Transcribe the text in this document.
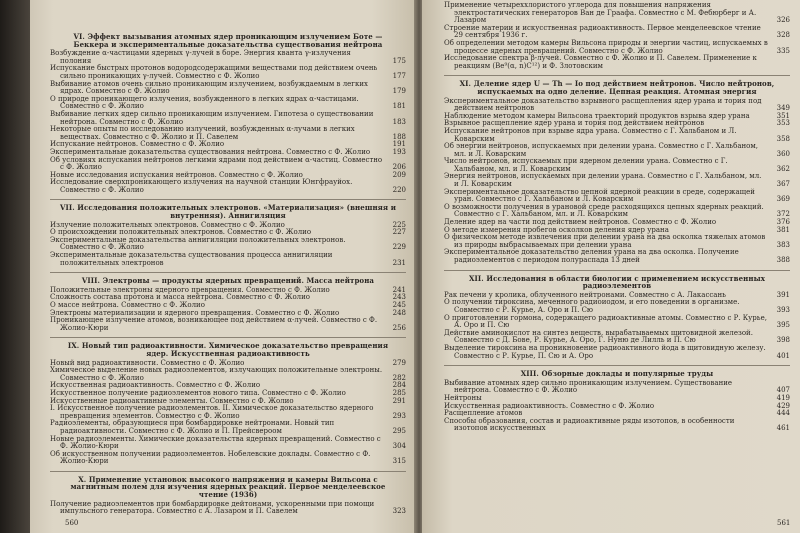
VI. Эффект вызывания атомных ядер проникающим излучением Боте — Беккера и экспериментальные доказательства существования нейтрона
Возбуждение α-частицами ядерных γ-лучей в боре. Энергия кванта γ-излучения полония	175
Испускание быстрых протонов водородсодержащими веществами под действием очень сильно проникающих γ-лучей. Совместно с Ф. Жолио	177
Выбивание атомов очень сильно проникающим излучением, возбуждаемым в легких ядрах. Совместно с Ф. Жолио	179
О природе проникающего излучения, возбужденного в легких ядрах α-частицами. Совместно с Ф. Жолио	181
Выбивание легких ядер сильно проникающим излучением. Гипотеза о существовании нейтрона. Совместно с Ф. Жолио	183
Некоторые опыты по исследованию излучений, возбужденных α-лучами в легких веществах. Совместно с Ф. Жолио и П. Савелем	188
Испускание нейтронов. Совместно с Ф. Жолио	191
Экспериментальные доказательства существования нейтрона. Совместно с Ф. Жолио	193
Об условиях испускания нейтронов легкими ядрами под действием α-частиц. Совместно с Ф. Жолио	206
Новые исследования испускания нейтронов. Совместно с Ф. Жолио	209
Исследование сверхпроникающего излучения на научной станции Юнгфрауйох. Совместно с Ф. Жолио	220
VII. Исследования положительных электронов. «Материализация» (внешняя и внутренняя). Аннигиляция
Излучение положительных электронов. Совместно с Ф. Жолио	225
О происхождении положительных электронов. Совместно с Ф. Жолио	227
Экспериментальные доказательства аннигиляции положительных электронов. Совместно с Ф. Жолио	229
Экспериментальные доказательства существования процесса аннигиляции положительных электронов	231
VIII. Электроны — продукты ядерных превращений. Масса нейтрона
Положительные электроны ядерного превращения. Совместно с Ф. Жолио	241
Сложность состава протона и масса нейтрона. Совместно с Ф. Жолио	243
О массе нейтрона. Совместно с Ф. Жолио	245
Электроны материализации и ядерного превращения. Совместно с Ф. Жолио	248
Проникающее излучение атомов, возникающее под действием α-лучей. Совместно с Ф. Жолио-Кюри	256
IX. Новый тип радиоактивности. Химическое доказательство превращения ядер. Искусственная радиоактивность
Новый вид радиоактивности. Совместно с Ф. Жолио	279
Химическое выделение новых радиоэлементов, излучающих положительные электроны. Совместно с Ф. Жолио	282
Искусственная радиоактивность. Совместно с Ф. Жолио	284
Искусственное получение радиоэлементов нового типа. Совместно с Ф. Жолио	285
Искусственные радиоактивные элементы. Совместно с Ф. Жолио	291
I. Искусственное получение радиоэлементов. II. Химическое доказательство ядерного превращения элементов. Совместно с Ф. Жолио	293
Радиоэлементы, образующиеся при бомбардировке нейтронами. Новый тип радиоактивности. Совместно с Ф. Жолио и П. Прейсвероом	295
Новые радиоэлементы. Химические доказательства ядерных превращений. Совместно с Ф. Жолио-Кюри	304
Об искусственном получении радиоэлементов. Нобелевские доклады. Совместно с Ф. Жолио-Кюри	315
X. Применение установок высокого напряжения и камеры Вильсона с магнитным полем для изучения ядерных реакций. Первое менделеевское чтение (1936)
Получение радиоэлементов при бомбардировке дейтонами, ускоренными при помощи импульсного генератора. Совместно с А. Лазаром и П. Савелем	323
560
Применение четыреххлористого углерода для повышения напряжения электростатических генераторов Ван де Граафа. Совместно с М. Фебюрберг и А. Лазаром	326
Строение материи и искусственная радиоактивность. Первое менделеевское чтение 29 сентября 1936 г.	328
Об определении методом камеры Вильсона природы и энергии частиц, испускаемых в процессе ядерных превращений. Совместно с Ф. Жолио	335
Исследование спектра β-лучей. Совместно с Ф. Жолио и П. Савелем. Применение к реакциям (Be⁹(α, n)C¹²) и Ф. Злотовским
XI. Деление ядер U — Th — Io под действием нейтронов. Число нейтронов, испускаемых на одно деление. Цепная реакция. Атомная энергия
Экспериментальное доказательство взрывного расщепления ядер урана и тория под действием нейтронов	349
Наблюдение методом камеры Вильсона траекторий продуктов взрыва ядер урана	351
Взрывное расщепление ядер урана и тория под действием нейтронов	353
Испускание нейтронов при взрыве ядра урана. Совместно с Г. Хальбаном и Л. Коварским	358
Об энергии нейтронов, испускаемых при делении урана. Совместно с Г. Хальбаном, мл. и Л. Коварским	360
Число нейтронов, испускаемых при ядерном делении урана. Совместно с Г. Хальбаном, мл. и Л. Коварским	362
Энергия нейтронов, испускаемых при делении урана. Совместно с Г. Хальбаном, мл. и Л. Коварским	367
Экспериментальное доказательство цепной ядерной реакции в среде, содержащей уран. Совместно с Г. Хальбаном и Л. Коварским	369
О возможности получения в урановой среде расходящихся цепных ядерных реакций. Совместно с Г. Хальбаном, мл. и Л. Коварским	372
Деление ядер на части под действием нейтронов. Совместно с Ф. Жолио	376
О методе измерения пробегов осколков деления ядер урана	381
О физическом методе извлечения при делении урана на два осколка тяжелых атомов из природы выбрасываемых при делении урана	383
Экспериментальное доказательство деления урана на два осколка. Получение радиоэлементов с периодом полураспада 13 дней	388
XII. Исследования в области биологии с применением искусственных радиоэлементов
Рак печени у кролика, облученного нейтронами. Совместно с А. Лакассань	391
О получении тироксина, меченного радиоиодом, и его поведении в организме. Совместно с Р. Курье, А. Оро и П. Сю	393
О приготовлении гормона, содержащего радиоактивные атомы. Совместно с Р. Курье, А. Оро и П. Сю	395
Действие аминокислот на синтез веществ, вырабатываемых щитовидной железой. Совместно с Д. Бове, Р. Курье, А. Оро, Г. Нуню де Лилль и П. Сю	398
Выделение тироксина на проникновение радиоактивного йода в щитовидную железу. Совместно с Р. Курье, П. Сю и А. Оро	401
XIII. Обзорные доклады и популярные труды
Выбивание атомных ядер сильно проникающим излучением. Существование нейтрона. Совместно с Ф. Жолио	407
Нейтроны	419
Искусственная радиоактивность. Совместно с Ф. Жолио	429
Расщепление атомов	444
Способы образования, состав и радиоактивные ряды изотопов, в особенности изотопов искусственных	461
561
